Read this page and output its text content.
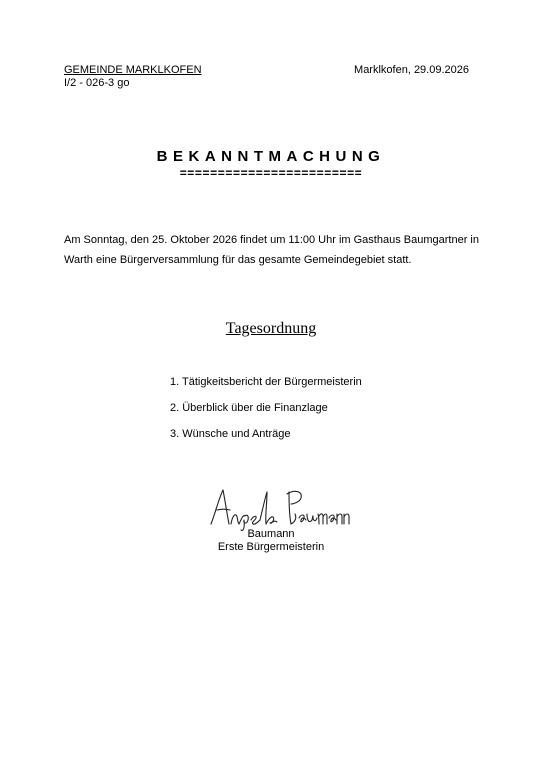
GEMEINDE MARKLKOFEN
I/2 - 026-3 go
Marklkofen, 29.09.2026
BEKANNTMACHUNG
========================
Am Sonntag, den 25. Oktober 2026 findet um 11:00 Uhr im Gasthaus Baumgartner in Warth eine Bürgerversammlung für das gesamte Gemeindegebiet statt.
Tagesordnung
1. Tätigkeitsbericht der Bürgermeisterin
2. Überblick über die Finanzlage
3. Wünsche und Anträge
Baumann
Erste Bürgermeisterin
